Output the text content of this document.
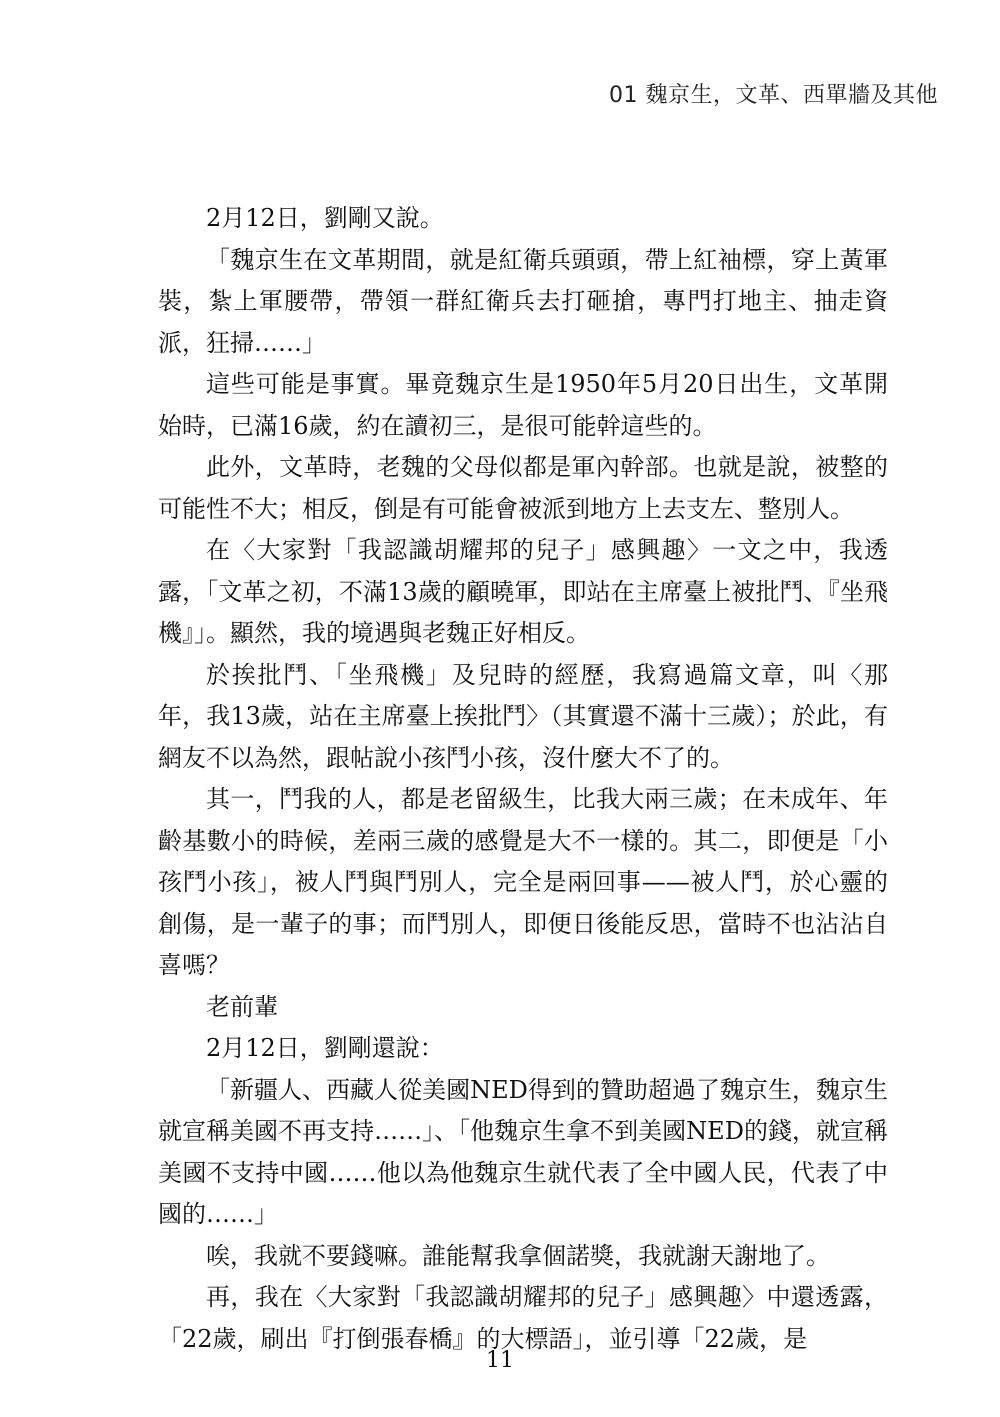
01 魏京生，文革、西單牆及其他

2月12日，劉剛又說。

「魏京生在文革期間，就是紅衛兵頭頭，帶上紅袖標，穿上黃軍裝，紮上軍腰帶，帶領一群紅衛兵去打砸搶，專門打地主、抽走資派，狂掃……」

這些可能是事實。畢竟魏京生是1950年5月20日出生，文革開始時，已滿16歲，約在讀初三，是很可能幹這些的。

此外，文革時，老魏的父母似都是軍內幹部。也就是說，被整的可能性不大；相反，倒是有可能會被派到地方上去支左、整別人。

在〈大家對「我認識胡耀邦的兒子」感興趣〉一文之中，我透露，「文革之初，不滿13歲的顧曉軍，即站在主席臺上被批鬥、『坐飛機』」。顯然，我的境遇與老魏正好相反。

於挨批鬥、「坐飛機」及兒時的經歷，我寫過篇文章，叫〈那年，我13歲，站在主席臺上挨批鬥〉（其實還不滿十三歲）；於此，有網友不以為然，跟帖說小孩鬥小孩，沒什麼大不了的。

其一，鬥我的人，都是老留級生，比我大兩三歲；在未成年、年齡基數小的時候，差兩三歲的感覺是大不一樣的。其二，即便是「小孩鬥小孩」，被人鬥與鬥別人，完全是兩回事——被人鬥，於心靈的創傷，是一輩子的事；而鬥別人，即便日後能反思，當時不也沾沾自喜嗎？

老前輩

2月12日，劉剛還說：

「新疆人、西藏人從美國NED得到的贊助超過了魏京生，魏京生就宣稱美國不再支持……」、「他魏京生拿不到美國NED的錢，就宣稱美國不支持中國……他以為他魏京生就代表了全中國人民，代表了中國的……」

唉，我就不要錢嘛。誰能幫我拿個諾獎，我就謝天謝地了。

再，我在〈大家對「我認識胡耀邦的兒子」感興趣〉中還透露，「22歲，刷出『打倒張春橋』的大標語」，並引導「22歲，是

11
